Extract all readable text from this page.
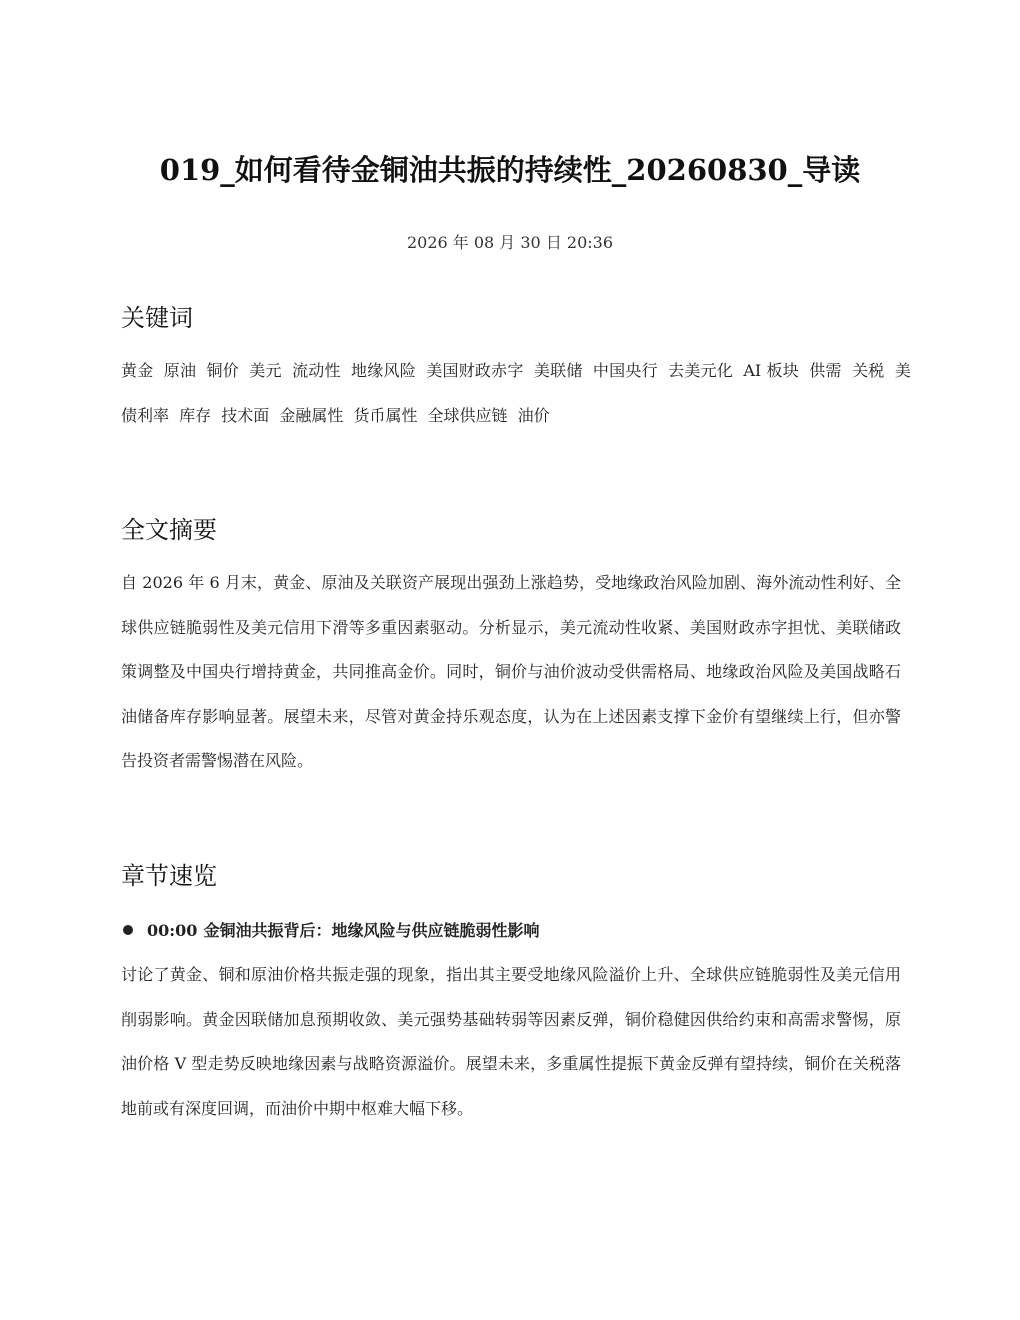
019_如何看待金铜油共振的持续性_20260830_导读
2026 年 08 月 30 日 20:36
关键词

黄金 原油 铜价 美元 流动性 地缘风险 美国财政赤字 美联储 中国央行 去美元化 AI 板块 供需 关税 美债利率 库存 技术面 金融属性 货币属性 全球供应链 油价

全文摘要

自 2026 年 6 月末，黄金、原油及关联资产展现出强劲上涨趋势，受地缘政治风险加剧、海外流动性利好、全球供应链脆弱性及美元信用下滑等多重因素驱动。分析显示，美元流动性收紧、美国财政赤字担忧、美联储政策调整及中国央行增持黄金，共同推高金价。同时，铜价与油价波动受供需格局、地缘政治风险及美国战略石油储备库存影响显著。展望未来，尽管对黄金持乐观态度，认为在上述因素支撑下金价有望继续上行，但亦警告投资者需警惕潜在风险。

章节速览
00:00 金铜油共振背后：地缘风险与供应链脆弱性影响

讨论了黄金、铜和原油价格共振走强的现象，指出其主要受地缘风险溢价上升、全球供应链脆弱性及美元信用削弱影响。黄金因联储加息预期收敛、美元强势基础转弱等因素反弹，铜价稳健因供给约束和高需求警惕，原油价格 V 型走势反映地缘因素与战略资源溢价。展望未来，多重属性提振下黄金反弹有望持续，铜价在关税落地前或有深度回调，而油价中期中枢难大幅下移。
